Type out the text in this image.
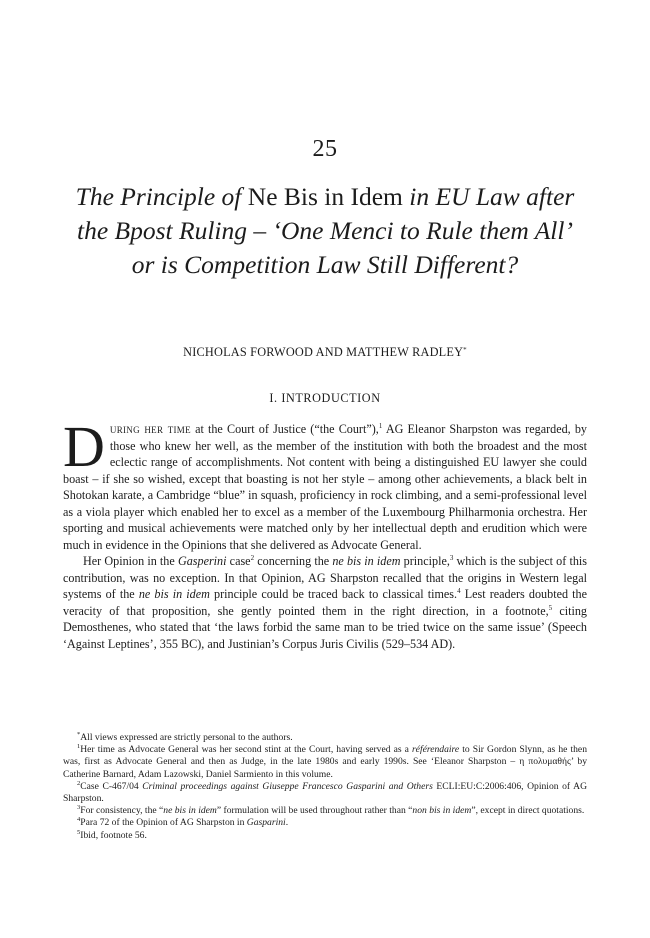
25
The Principle of Ne Bis in Idem in EU Law after the Bpost Ruling – ‘One Menci to Rule them All’ or is Competition Law Still Different?
NICHOLAS FORWOOD AND MATTHEW RADLEY*
I. INTRODUCTION

During her time at the Court of Justice (“the Court”),$^1$ AG Eleanor Sharpston was regarded, by those who knew her well, as the member of the institution with both the broadest and the most eclectic range of accomplishments. Not content with being a distinguished EU lawyer she could boast – if she so wished, except that boasting is not her style – among other achievements, a black belt in Shotokan karate, a Cambridge “blue” in squash, proficiency in rock climbing, and a semi-professional level as a viola player which enabled her to excel as a member of the Luxembourg Philharmonia orchestra. Her sporting and musical achievements were matched only by her intellectual depth and erudition which were much in evidence in the Opinions that she delivered as Advocate General.

Her Opinion in the Gasperini case$^2$ concerning the ne bis in idem principle,$^3$ which is the subject of this contribution, was no exception. In that Opinion, AG Sharpston recalled that the origins in Western legal systems of the ne bis in idem principle could be traced back to classical times.$^4$ Lest readers doubted the veracity of that proposition, she gently pointed them in the right direction, in a footnote,$^5$ citing Demosthenes, who stated that ‘the laws forbid the same man to be tried twice on the same issue’ (Speech ‘Against Leptines’, 355 BC), and Justinian’s Corpus Juris Civilis (529–534 AD).

*All views expressed are strictly personal to the authors.

$^1$Her time as Advocate General was her second stint at the Court, having served as a référendaire to Sir Gordon Slynn, as he then was, first as Advocate General and then as Judge, in the late 1980s and early 1990s. See ‘Eleanor Sharpston – η πολυμαθής’ by Catherine Barnard, Adam Lazowski, Daniel Sarmiento in this volume.

$^2$Case C-467/04 Criminal proceedings against Giuseppe Francesco Gasparini and Others ECLI:EU:C:2006:406, Opinion of AG Sharpston.

$^3$For consistency, the “ne bis in idem” formulation will be used throughout rather than “non bis in idem”, except in direct quotations.

$^4$Para 72 of the Opinion of AG Sharpston in Gasparini.

$^5$Ibid, footnote 56.
